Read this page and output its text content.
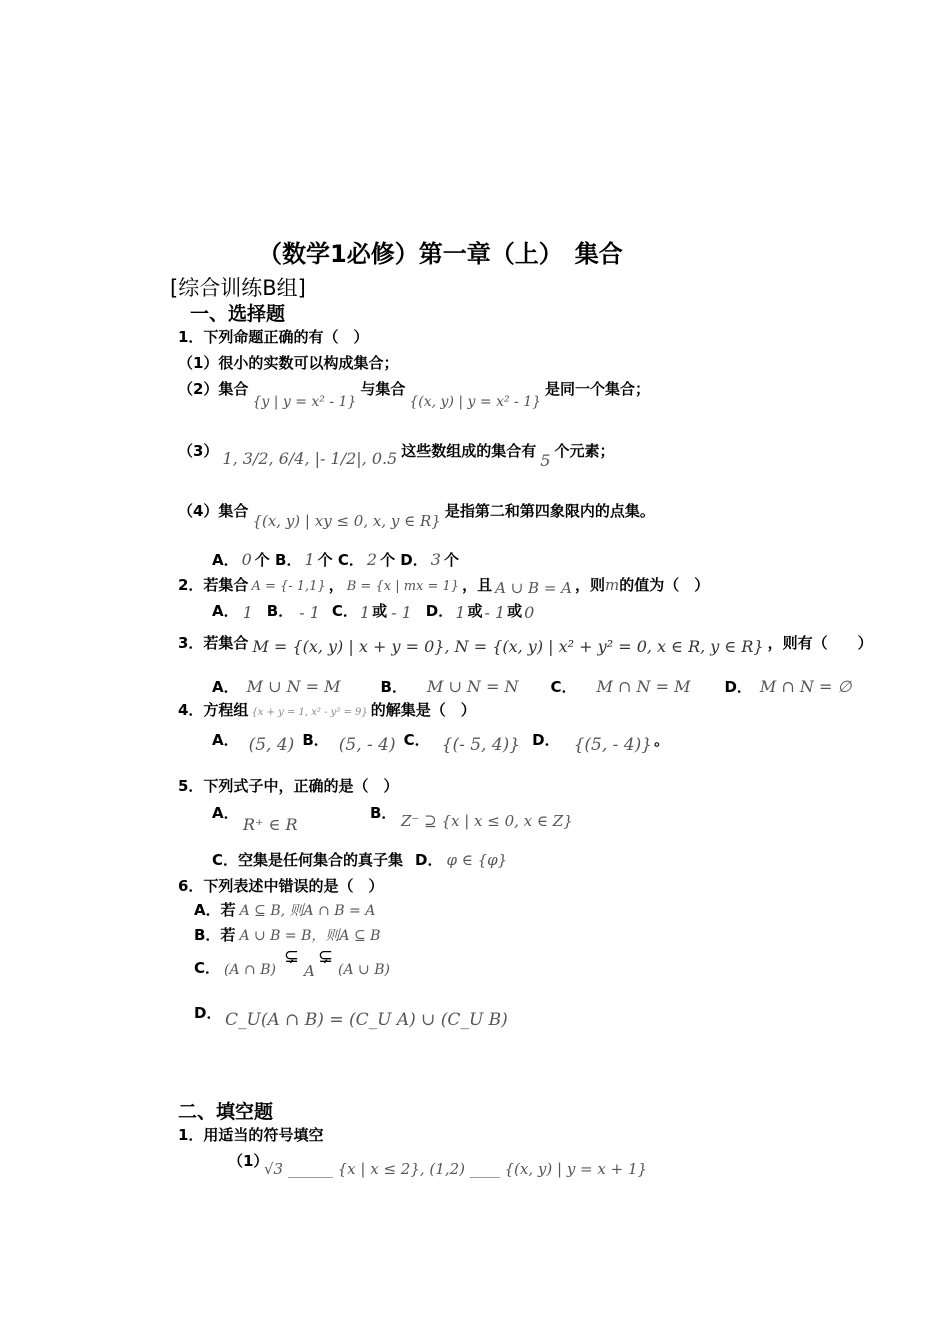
（数学1必修）第一章（上）　集合
[综合训练B组]
一、选择题
1．下列命题正确的有（　）
（1）很小的实数可以构成集合；
（2）集合{y | y = x² - 1}与集合{(x, y) | y = x² - 1}是同一个集合；
（3） 1, 3/2, 6/4, |- 1/2|, 0.5 这些数组成的集合有 5 个元素；
（4）集合{(x, y) | xy ≤ 0, x, y ∈ R}是指第二和第四象限内的点集。
A． 0 个 B． 1 个 C． 2 个 D． 3 个
2．若集合 A = {- 1,1} ， B = {x | mx = 1} ，且 A ∪ B = A ，则m的值为（　）
A． 1 B． - 1 C． 1 或 - 1 D． 1 或 - 1 或 0
3．若集合 M = {(x, y) | x + y = 0}, N = {(x, y) | x² + y² = 0, x ∈ R, y ∈ R} ，则有（　　）
A． M ∪ N = M	B． M ∪ N = N C． M ∩ N = M D． M ∩ N = ∅
4．方程组 {x + y = 1, x² - y² = 9} 的解集是（　）
A． (5, 4) B． (5, - 4) C． {(- 5, 4)} D． {(5, - 4)} 。
5．下列式子中，正确的是（　）
A．
R⁺ ∈ R
B． Z⁻ ⊇ {x | x ≤ 0, x ∈ Z}
C．空集是任何集合的真子集 D． φ ∈ {φ}
6．下列表述中错误的是（　）
A．若 A ⊆ B, 则A ∩ B = A
B．若 A ∪ B = B，则A ⊆ B
C． (A ∩ B)
⊊
A
⊊
(A ∪ B)
D． C_U(A ∩ B) = (C_U A) ∪ (C_U B)
二、填空题
1．用适当的符号填空
（1）
√3 ______ {x | x ≤ 2}, (1,2) ____ {(x, y) | y = x + 1}
